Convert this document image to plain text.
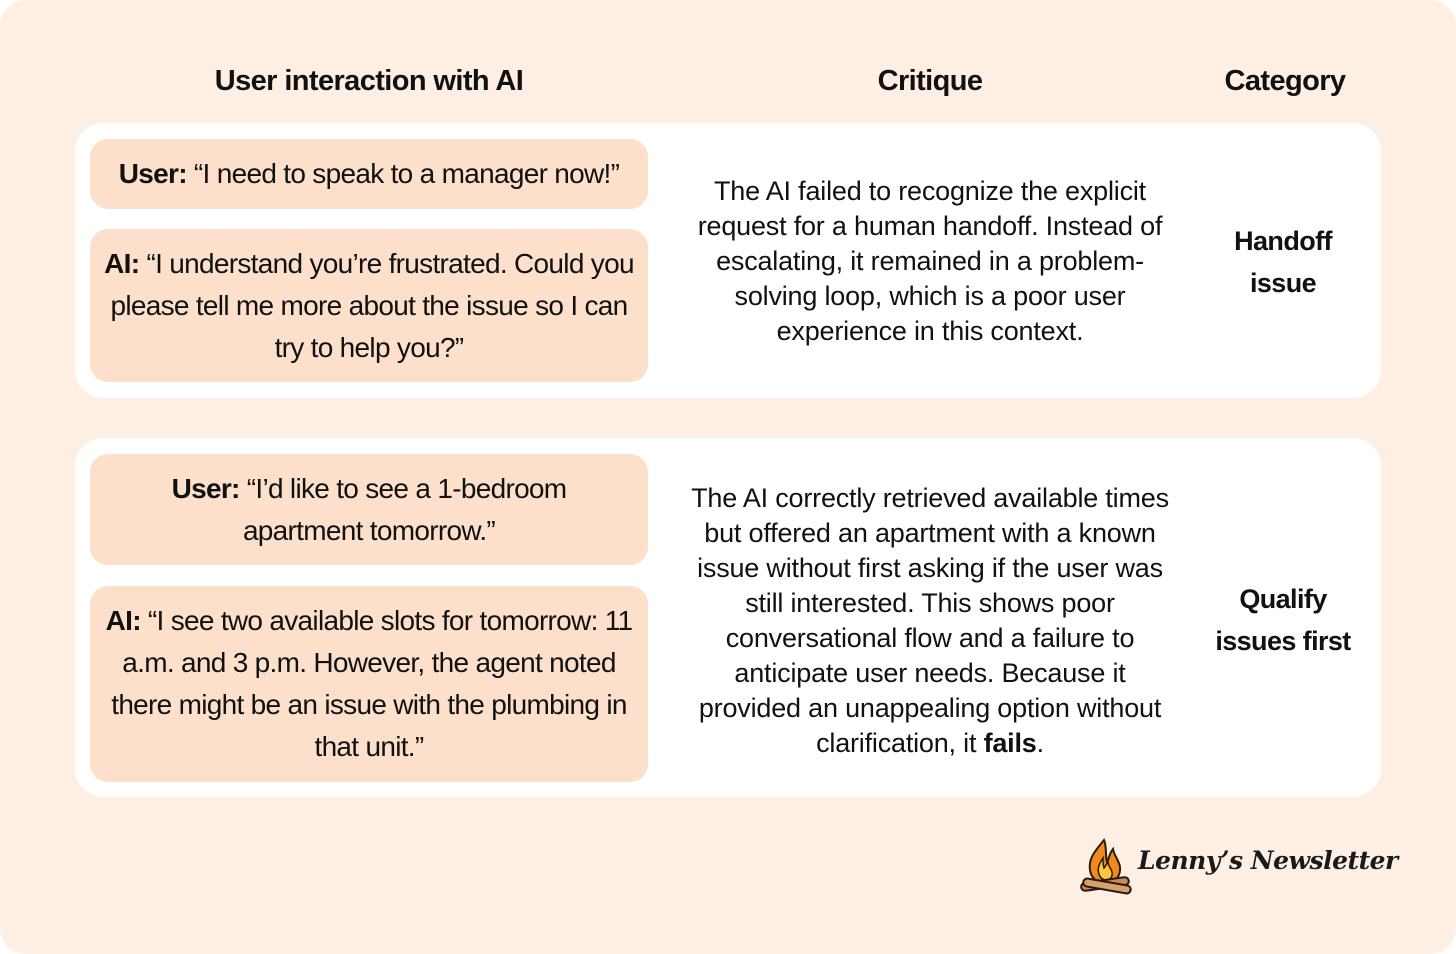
User interaction with AI	Critique	Category
User: “I need to speak to a manager now!”
AI: “I understand you’re frustrated. Could you please tell me more about the issue so I can try to help you?”
The AI failed to recognize the explicit request for a human handoff. Instead of escalating, it remained in a problem-solving loop, which is a poor user experience in this context.
Handoff issue
User: “I’d like to see a 1-bedroom apartment tomorrow.”
AI: “I see two available slots for tomorrow: 11 a.m. and 3 p.m. However, the agent noted there might be an issue with the plumbing in that unit.”
The AI correctly retrieved available times but offered an apartment with a known issue without first asking if the user was still interested. This shows poor conversational flow and a failure to anticipate user needs. Because it provided an unappealing option without clarification, it fails.
Qualify issues first
Lenny’s Newsletter
